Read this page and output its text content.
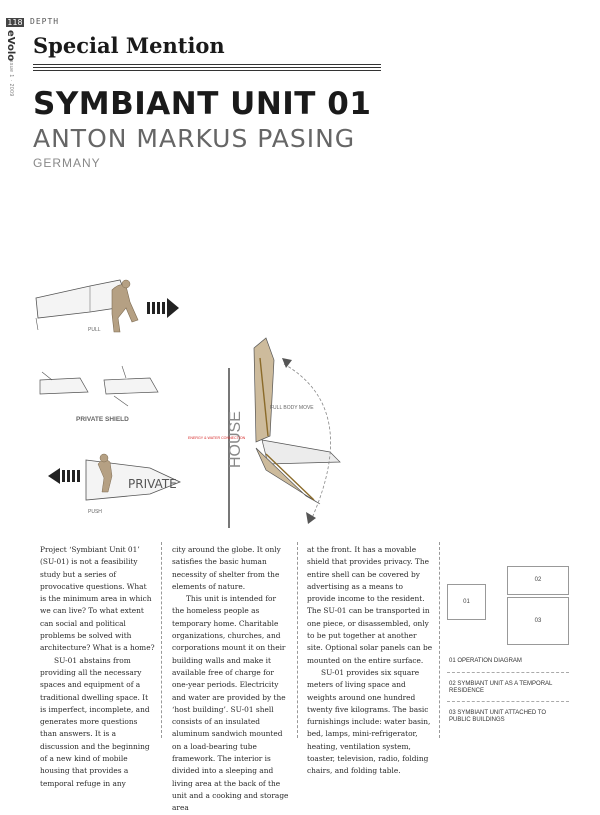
118 DEPTH
eVolo
Issue 1 · 2009
Special Mention
SYMBIANT UNIT 01
ANTON MARKUS PASING
GERMANY
PULL
PRIVATE SHIELD
PRIVATE
PUSH
HOUSE
ENERGY & WATER CONNECTION
FULL BODY MOVE

Project ‘Symbiant Unit 01’ (SU-01) is not a feasibility study but a series of provocative questions. What is the minimum area in which we can live? To what extent can social and political problems be solved with architecture? What is a home?

SU-01 abstains from providing all the necessary spaces and equipment of a traditional dwelling space. It is imperfect, incomplete, and generates more questions than answers. It is a discussion and the beginning of a new kind of mobile housing that provides a temporal refuge in any

city around the globe. It only satisfies the basic human necessity of shelter from the elements of nature.

This unit is intended for the homeless people as temporary home. Charitable organizations, churches, and corporations mount it on their building walls and make it available free of charge for one-year periods. Electricity and water are provided by the ‘host building’. SU-01 shell consists of an insulated aluminum sandwich mounted on a load-bearing tube framework. The interior is divided into a sleeping and living area at the back of the unit and a cooking and storage area

at the front. It has a movable shield that provides privacy. The entire shell can be covered by advertising as a means to provide income to the resident. The SU-01 can be transported in one piece, or disassembled, only to be put together at another site. Optional solar panels can be mounted on the entire surface.

SU-01 provides six square meters of living space and weights around one hundred twenty five kilograms. The basic furnishings include: water basin, bed, lamps, mini-refrigerator, heating, ventilation system, toaster, television, radio, folding chairs, and folding table.

01
02
03
01 OPERATION DIAGRAM
02 SYMBIANT UNIT AS A TEMPORAL RESIDENCE
03 SYMBIANT UNIT ATTACHED TO PUBLIC BUILDINGS
